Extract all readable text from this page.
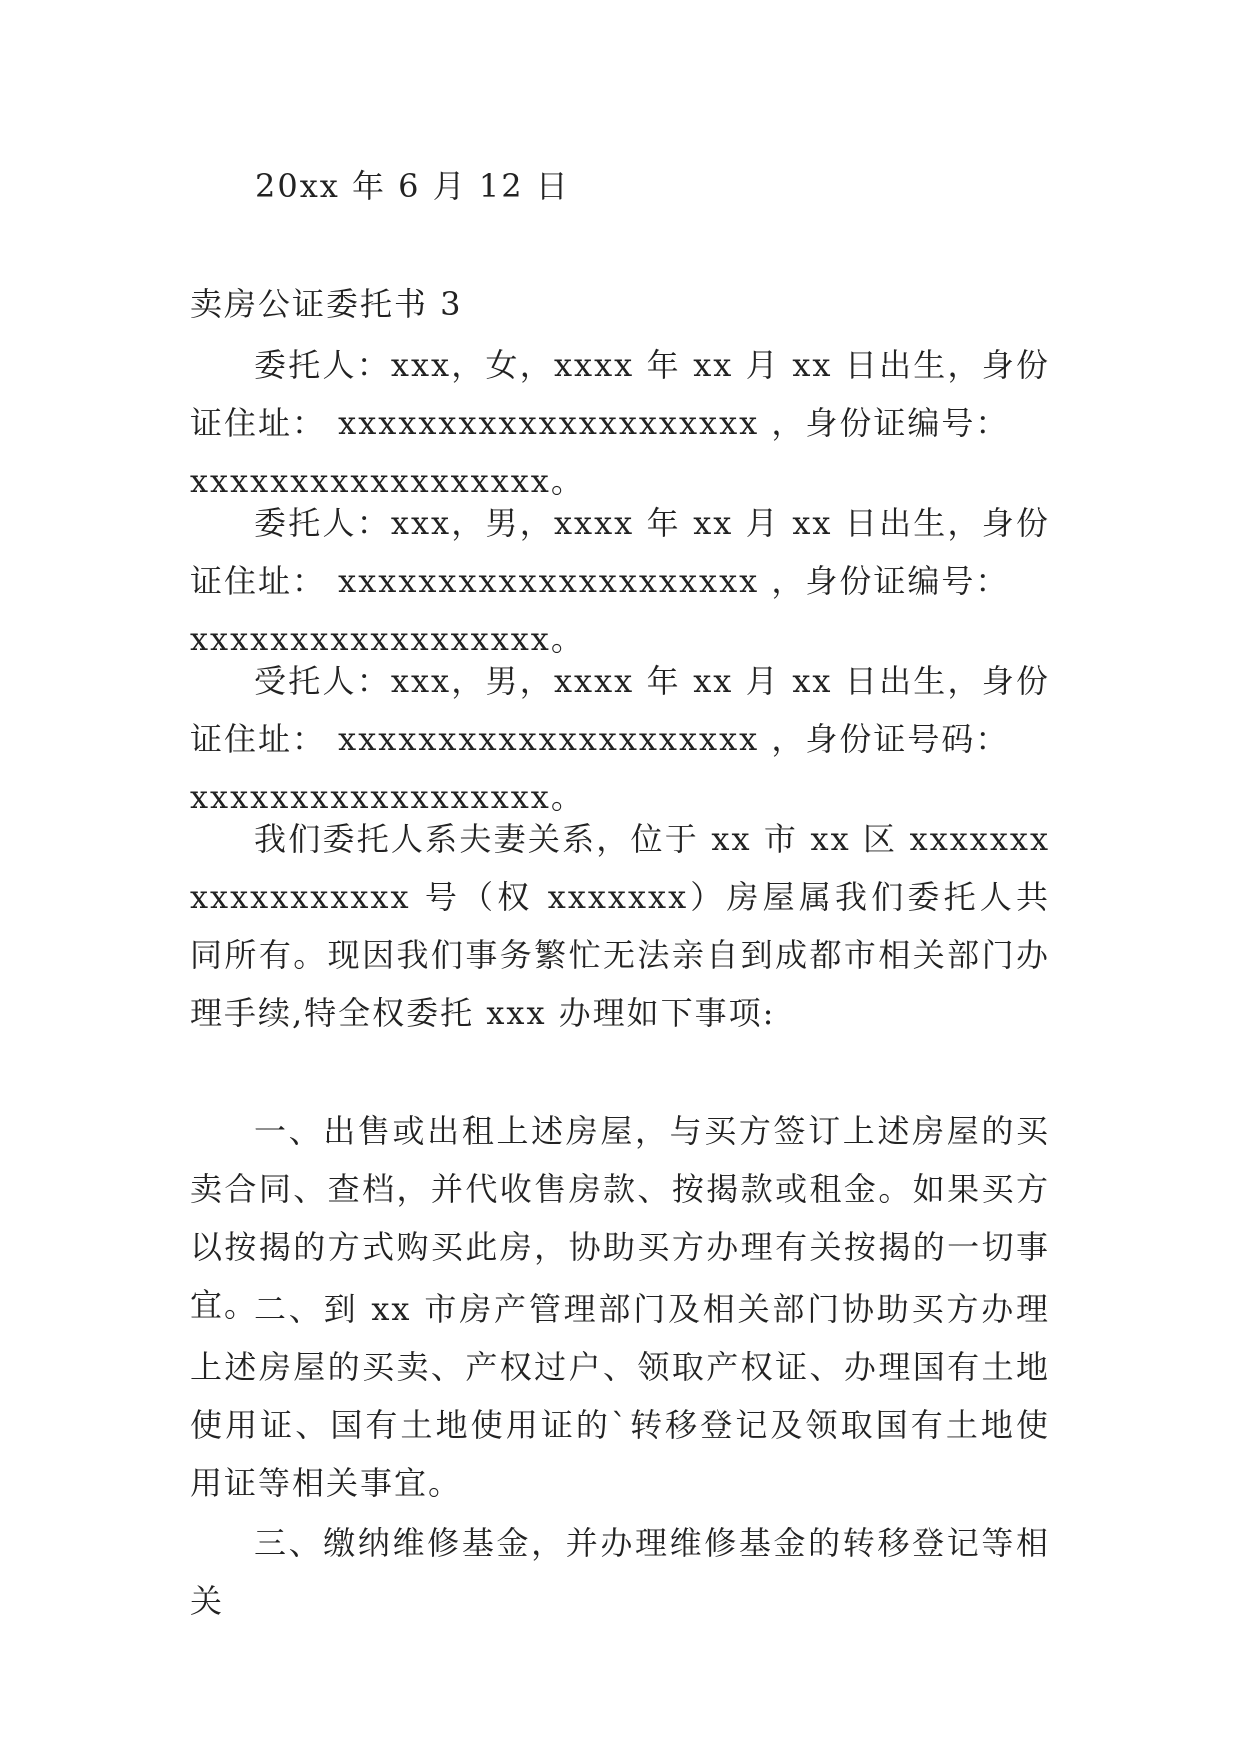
20xx 年 6 月 12 日
卖房公证委托书 3

委托人：xxx，女，xxxx 年 xx 月 xx 日出生，身份证住址： xxxxxxxxxxxxxxxxxxxxx ，身份证编号：
xxxxxxxxxxxxxxxxxx。

委托人：xxx，男，xxxx 年 xx 月 xx 日出生，身份证住址： xxxxxxxxxxxxxxxxxxxxx ，身份证编号：
xxxxxxxxxxxxxxxxxx。

受托人：xxx，男，xxxx 年 xx 月 xx 日出生，身份证住址： xxxxxxxxxxxxxxxxxxxxx ，身份证号码：
xxxxxxxxxxxxxxxxxx。

我们委托人系夫妻关系，位于 xx 市 xx 区 xxxxxxxxxxxxxxxxxx 号（权 xxxxxxx）房屋属我们委托人共同所有。现因我们事务繁忙无法亲自到成都市相关部门办理手续,特全权委托 xxx 办理如下事项:

一、出售或出租上述房屋，与买方签订上述房屋的买卖合同、查档，并代收售房款、按揭款或租金。如果买方以按揭的方式购买此房，协助买方办理有关按揭的一切事宜。

二、到 xx 市房产管理部门及相关部门协助买方办理上述房屋的买卖、产权过户、领取产权证、办理国有土地使用证、国有土地使用证的`转移登记及领取国有土地使用证等相关事宜。

三、缴纳维修基金，并办理维修基金的转移登记等相关
